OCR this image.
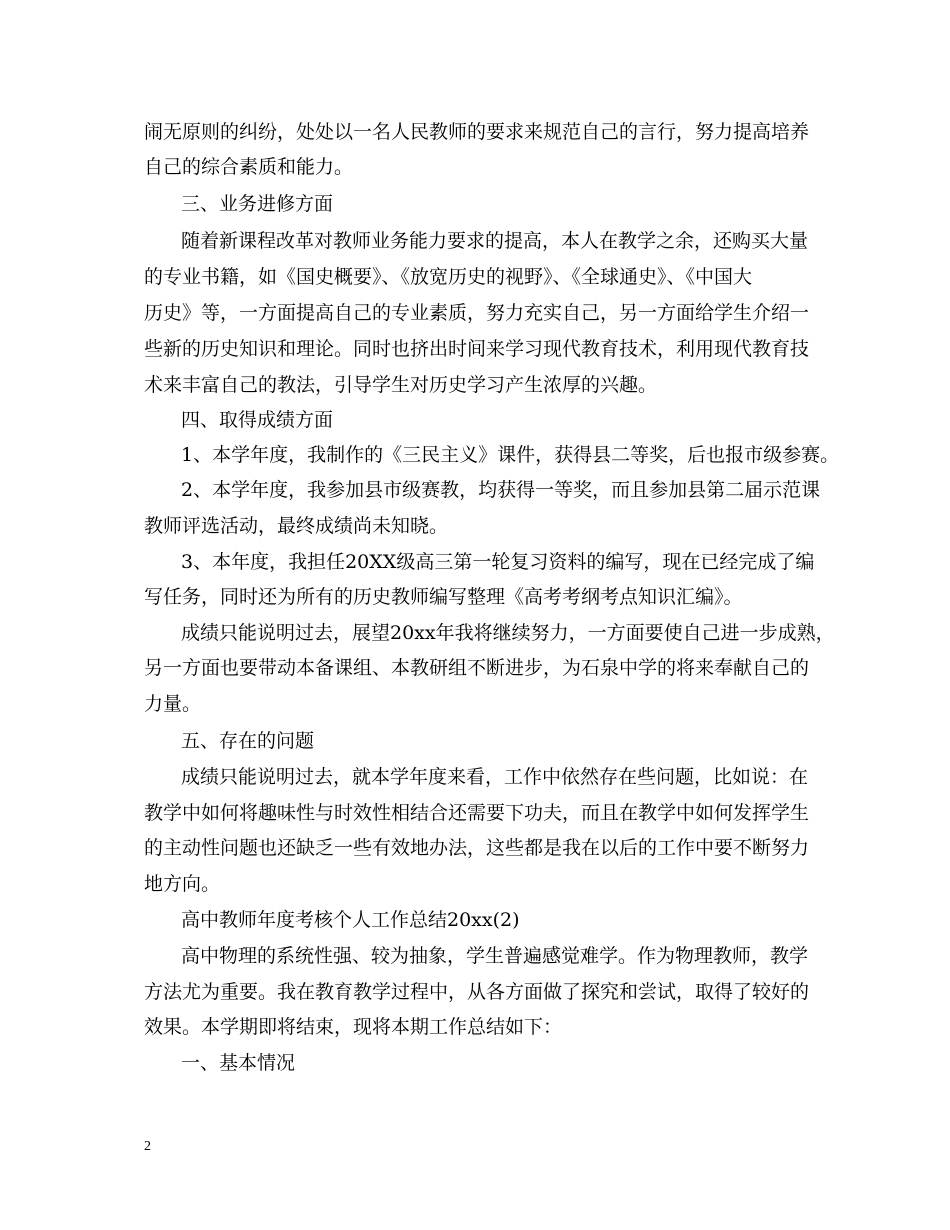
闹无原则的纠纷，处处以一名人民教师的要求来规范自己的言行，努力提高培养
自己的综合素质和能力。
三、业务进修方面
随着新课程改革对教师业务能力要求的提高，本人在教学之余，还购买大量
的专业书籍，如《国史概要》、《放宽历史的视野》、《全球通史》、《中国大
历史》等，一方面提高自己的专业素质，努力充实自己，另一方面给学生介绍一
些新的历史知识和理论。同时也挤出时间来学习现代教育技术，利用现代教育技
术来丰富自己的教法，引导学生对历史学习产生浓厚的兴趣。
四、取得成绩方面
1、本学年度，我制作的《三民主义》课件，获得县二等奖，后也报市级参赛。
2、本学年度，我参加县市级赛教，均获得一等奖，而且参加县第二届示范课
教师评选活动，最终成绩尚未知晓。
3、本年度，我担任20XX级高三第一轮复习资料的编写，现在已经完成了编
写任务，同时还为所有的历史教师编写整理《高考考纲考点知识汇编》。
成绩只能说明过去，展望20xx年我将继续努力，一方面要使自己进一步成熟，
另一方面也要带动本备课组、本教研组不断进步，为石泉中学的将来奉献自己的
力量。
五、存在的问题
成绩只能说明过去，就本学年度来看，工作中依然存在些问题，比如说：在
教学中如何将趣味性与时效性相结合还需要下功夫，而且在教学中如何发挥学生
的主动性问题也还缺乏一些有效地办法，这些都是我在以后的工作中要不断努力
地方向。
高中教师年度考核个人工作总结20xx(2)
高中物理的系统性强、较为抽象，学生普遍感觉难学。作为物理教师，教学
方法尤为重要。我在教育教学过程中，从各方面做了探究和尝试，取得了较好的
效果。本学期即将结束，现将本期工作总结如下：
一、基本情况
2
